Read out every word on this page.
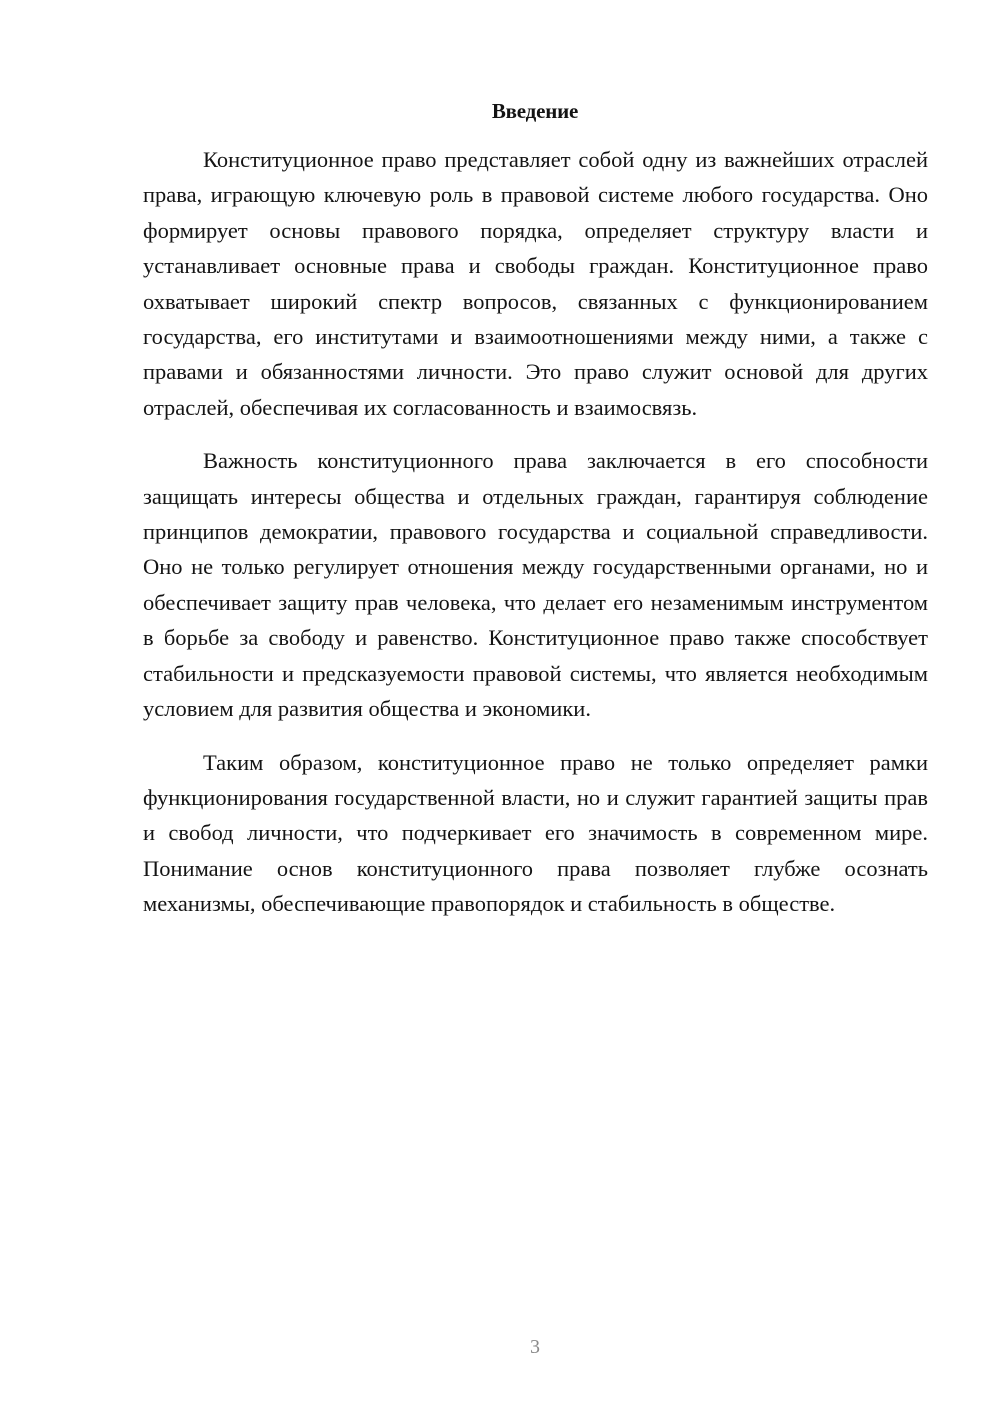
Введение

Конституционное право представляет собой одну из важнейших отраслей права, играющую ключевую роль в правовой системе любого государства. Оно формирует основы правового порядка, определяет структуру власти и устанавливает основные права и свободы граждан. Конституционное право охватывает широкий спектр вопросов, связанных с функционированием государства, его институтами и взаимоотношениями между ними, а также с правами и обязанностями личности. Это право служит основой для других отраслей, обеспечивая их согласованность и взаимосвязь.

Важность конституционного права заключается в его способности защищать интересы общества и отдельных граждан, гарантируя соблюдение принципов демократии, правового государства и социальной справедливости. Оно не только регулирует отношения между государственными органами, но и обеспечивает защиту прав человека, что делает его незаменимым инструментом в борьбе за свободу и равенство. Конституционное право также способствует стабильности и предсказуемости правовой системы, что является необходимым условием для развития общества и экономики.

Таким образом, конституционное право не только определяет рамки функционирования государственной власти, но и служит гарантией защиты прав и свобод личности, что подчеркивает его значимость в современном мире. Понимание основ конституционного права позволяет глубже осознать механизмы, обеспечивающие правопорядок и стабильность в обществе.

3
